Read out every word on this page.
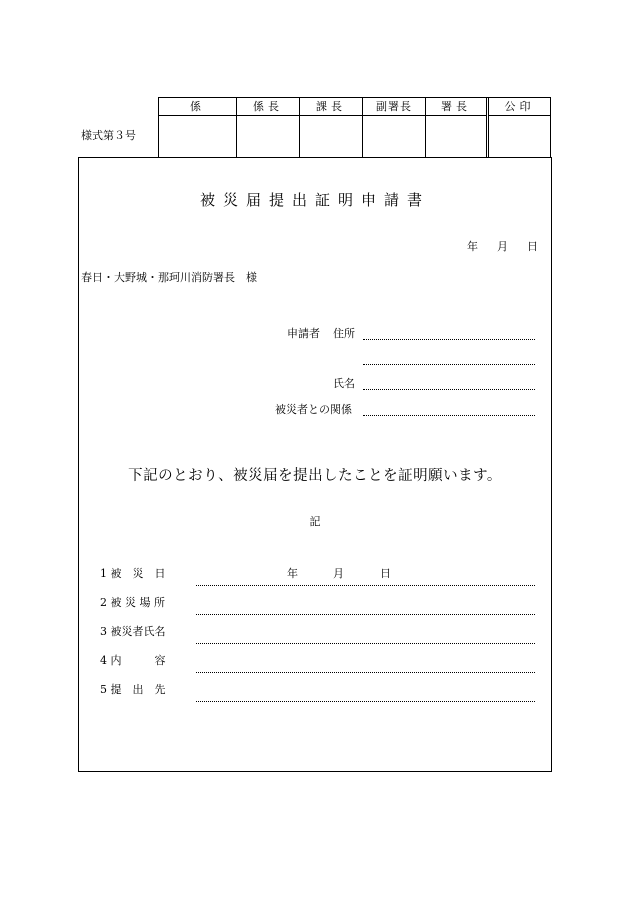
様式第３号
係	係長	課長	副署長	署長	公印
被災届提出証明申請書
年 月 日
春日・大野城・那珂川消防署長　様
申請者 住所
氏名
被災者との関係
下記のとおり、被災届を提出したことを証明願います。
記
1 被　災　日	年	月	日
2 被 災 場 所
3 被災者氏名
4 内　　　容
5 提　出　先
